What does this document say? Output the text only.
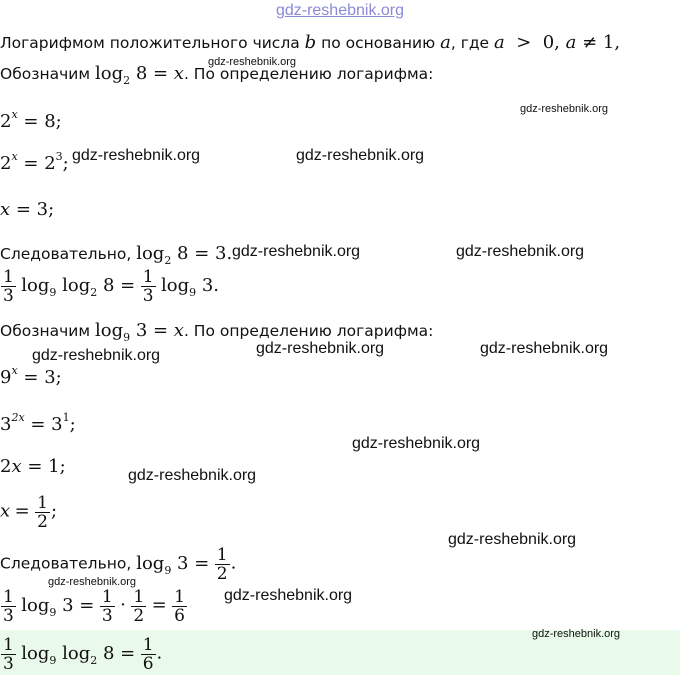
gdz-reshebnik.org
Логарифмом положительного числа b по основанию a, где a  >  0, a ≠ 1,
Обозначим $\log_2 8 = x$. По определению логарифма:
$2^x = 8$;
$2^x = 2^3$;
x = 3;
Следовательно, $\log_2 8 = 3$.
$\frac{1}{3} \log_9 \log_2 8 = \frac{1}{3} \log_9 3$.
Обозначим $\log_9 3 = x$. По определению логарифма:
$9^x = 3$;
$3^{2x} = 3^1$;
2x = 1;
$x = \frac{1}{2}$ ;
Следовательно, $\log_9 3 = \frac{1}{2}$ .
$\frac{1}{3} \log_9 3 = \frac{1}{3} \cdot \frac{1}{2} = \frac{1}{6}$
$\frac{1}{3} \log_9 \log_2 8 = \frac{1}{6}$ .
gdz-reshebnik.org
gdz-reshebnik.org
gdz-reshebnik.org	gdz-reshebnik.org
gdz-reshebnik.org	gdz-reshebnik.org
gdz-reshebnik.org	gdz-reshebnik.org
gdz-reshebnik.org
gdz-reshebnik.org
gdz-reshebnik.org
gdz-reshebnik.org
gdz-reshebnik.org
gdz-reshebnik.org
gdz-reshebnik.org
